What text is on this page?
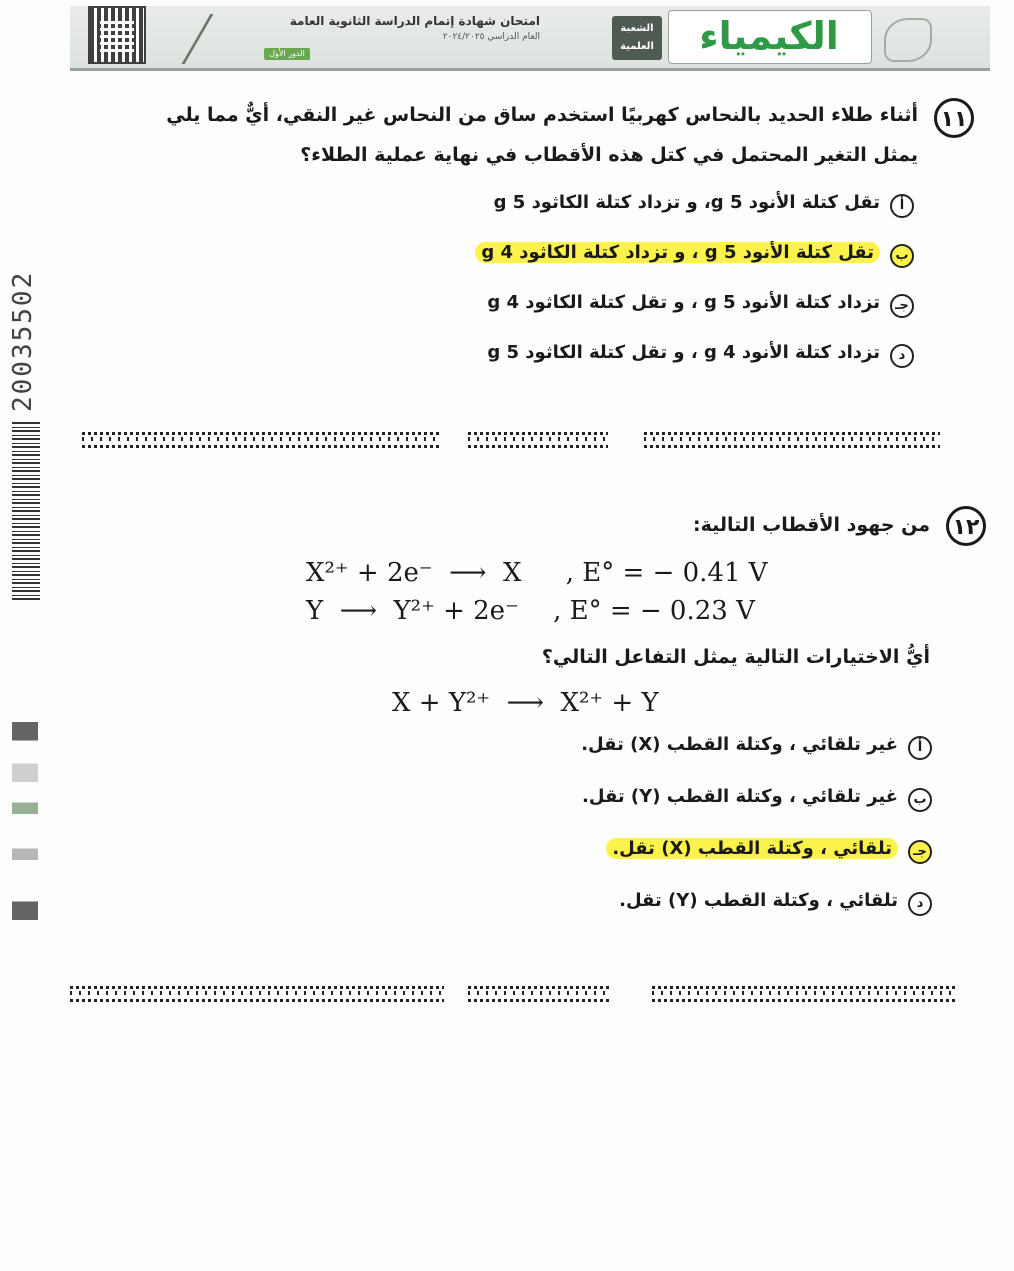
امتحان شهادة إتمام الدراسة الثانوية العامة
العام الدراسي ٢٠٢٤/٢٠٢٥
الدور الأول
الشعبة العلمية	الكيمياء
20035502
١١
أثناء طلاء الحديد بالنحاس كهربيًا استخدم ساق من النحاس غير النقي، أيٌّ مما يلي
يمثل التغير المحتمل في كتل هذه الأقطاب في نهاية عملية الطلاء؟
أ
تقل كتلة الأنود 5 g، و تزداد كتلة الكاثود 5 g
ب
تقل كتلة الأنود 5 g ، و تزداد كتلة الكاثود 4 g
جـ
تزداد كتلة الأنود 5 g ، و تقل كتلة الكاثود 4 g
د
تزداد كتلة الأنود 4 g ، و تقل كتلة الكاثود 5 g
١٢
من جهود الأقطاب التالية:
X²⁺ + 2e⁻  ⟶  X , E° = − 0.41 V
Y  ⟶  Y²⁺ + 2e⁻ , E° = − 0.23 V
أيُّ الاختيارات التالية يمثل التفاعل التالي؟
X + Y²⁺  ⟶  X²⁺ + Y
أ
غير تلقائي ، وكتلة القطب (X) تقل.
ب
غير تلقائي ، وكتلة القطب (Y) تقل.
جـ
تلقائي ، وكتلة القطب (X) تقل.
د
تلقائي ، وكتلة القطب (Y) تقل.
